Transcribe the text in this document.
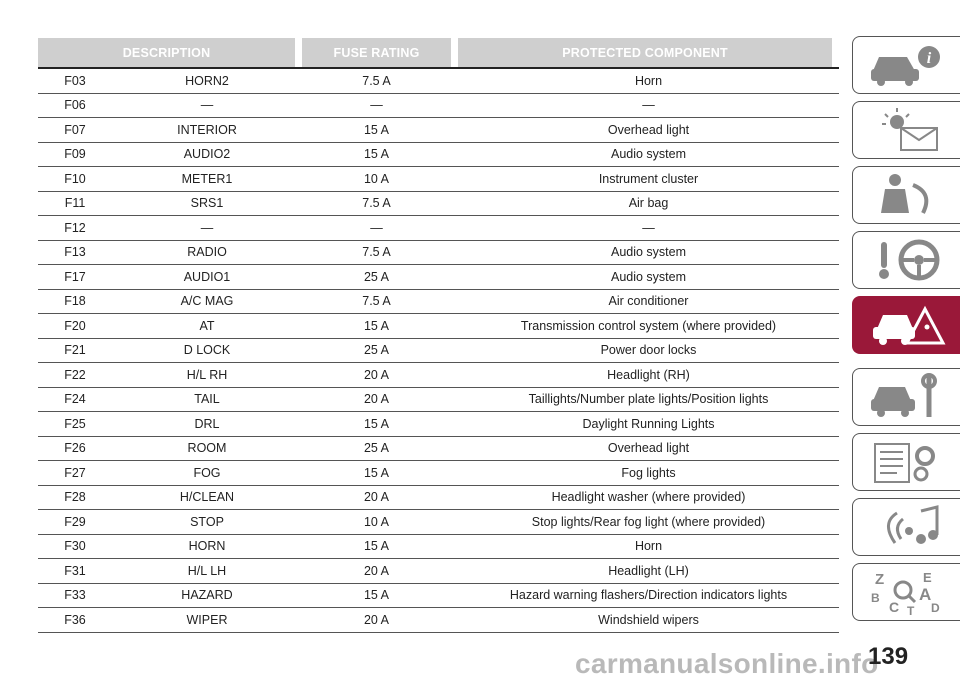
DESCRIPTION	FUSE RATING	PROTECTED COMPONENT
F03	HORN2	7.5 A	Horn
F06	—	—	—
F07	INTERIOR	15 A	Overhead light
F09	AUDIO2	15 A	Audio system
F10	METER1	10 A	Instrument cluster
F11	SRS1	7.5 A	Air bag
F12	—	—	—
F13	RADIO	7.5 A	Audio system
F17	AUDIO1	25 A	Audio system
F18	A/C MAG	7.5 A	Air conditioner
F20	AT	15 A	Transmission control system (where provided)
F21	D LOCK	25 A	Power door locks
F22	H/L RH	20 A	Headlight (RH)
F24	TAIL	20 A	Taillights/Number plate lights/Position lights
F25	DRL	15 A	Daylight Running Lights
F26	ROOM	25 A	Overhead light
F27	FOG	15 A	Fog lights
F28	H/CLEAN	20 A	Headlight washer (where provided)
F29	STOP	10 A	Stop lights/Rear fog light (where provided)
F30	HORN	15 A	Horn
F31	H/L LH	20 A	Headlight (LH)
F33	HAZARD	15 A	Hazard warning flashers/Direction indicators lights
F36	WIPER	20 A	Windshield wipers
i
Z	E
B A
C	D
T
carmanualsonline.info
139
